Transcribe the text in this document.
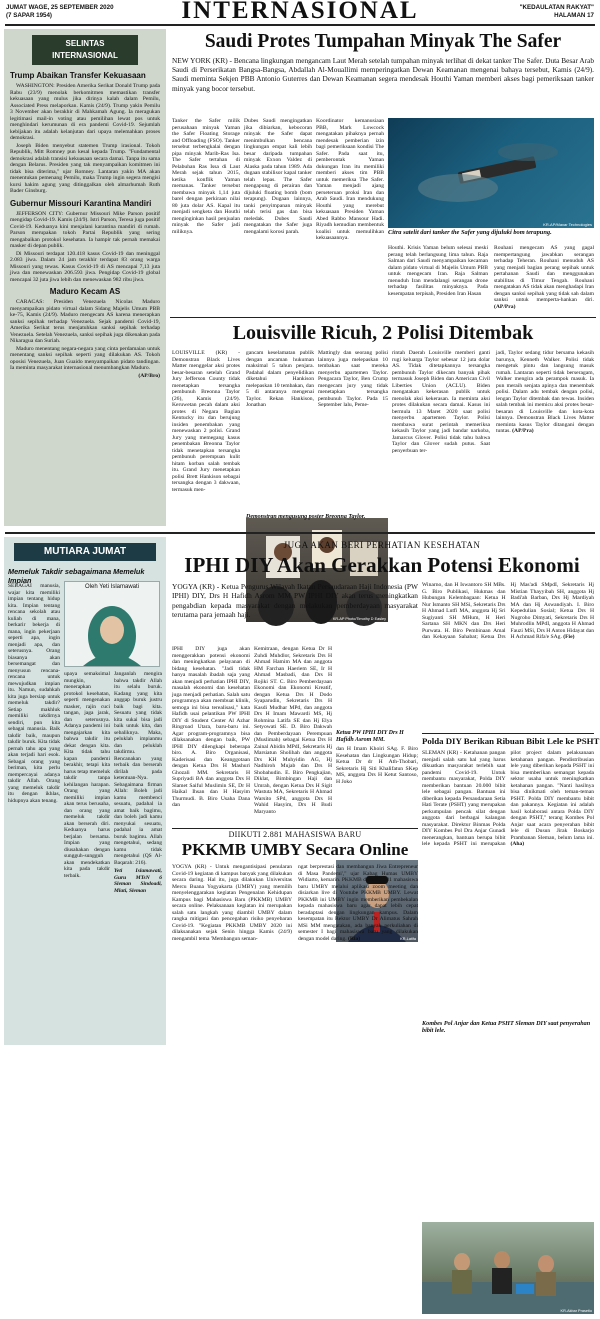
JUMAT WAGE, 25 SEPTEMBER 2020
(7 SAPAR 1954)	INTERNASIONAL	"KEDAULATAN RAKYAT"
HALAMAN 17
SELINTAS
INTERNASIONAL
Trump Abaikan Transfer Kekuasaan

WASHINGTON: Presiden Amerika Serikat Donald Trump pada Rabu (23/9) menolak berkomitmen memastikan transfer kekuasaan yang mulus jika dirinya kalah dalam Pemilu, Associated Press melaporkan. Kamis (24/9). Trump yakin Pemilu 3 November akan berakhir di Mahkamah Agung. Ia meragukan legitimasi mail-in voting atau pemilihan lewat pos untuk menghindari kerumunan di era pandemi Covid-19. Sejumlah kebijakan itu adalah kelanjutan dari upaya melemahkan proses demokrasi.

Joseph Biden menyebut statemen Trump irasional. Tokoh Republik, Mitt Romney pun kesal kepada Trump. "Fundamental demokrasi adalah transisi kekuasaan secara damai. Tanpa itu sama dengan Belarus. Presiden yang tak menyampaikan komitmen ini tidak bisa diterima," ujar Romney. Lantaran yakin MA akan menentukan pemenang Pemilu, maka Trump ingin segera mengisi kursi hakim agung yang ditinggalkan oleh almarhumah Ruth Bader Ginsburg.

Gubernur Missouri Karantina Mandiri

JEFFERSON CITY: Gubernur Missouri Mike Parson positif mengidap Covid-19. Kamis (24/9). Istri Parson, Teresa juga positif Covid-19. Keduanya kini menjalani karantina mandiri di rumah. Parson merupakan tokoh Partai Republik yang sering mengabaikan protokol kesehatan. Ia hampir tak pernah memakai masker di depan publik.

Di Missouri terdapat 120.418 kasus Covid-19 dan meninggal 2.083 jiwa. Dalam 24 jam terakhir terdapat 83 orang warga Missouri yang tewas. Kasus Covid-19 di AS mencapai 7,13 juta jiwa dan menewaskan 206.593 jiwa. Pengidap Covid-19 global mencapai 32 juta jiwa lebih dan menewaskan 982 ribu jiwa.

Maduro Kecam AS

CARACAS: Presiden Venezuela Nicolas Maduro menyampaikan pidato virtual dalam Sidang Majelis Umum PBB ke-75, Kamis (24/9). Maduro mengecam AS karena menerapkan sanksi sepihak terhadap Venezuela. Sejak pandemi Covid-19, Amerika Serikat terus menjatuhkan sanksi sepihak terhadap Venezuela. Setelah Venezuela, sanksi sepihak juga dikenakan pada Nikaragua dan Suriah.

Maduro menentang negara-negara yang cinta perdamaian untuk menentang sanksi sepihak seperti yang dilakukan AS. Tokoh oposisi Venezuela, Juan Guaido menyampaikan pidato tandingan. Ia meminta masyarakat internasional menumbangkan Maduro.

(AP/Bro)
Saudi Protes Tumpahan Minyak The Safer
NEW YORK (KR) - Bencana lingkungan mengancam Laut Merah setelah tumpahan minyak terlihat di dekat tanker The Safer. Duta Besar Arab Saudi di Perserikatan Bangsa-Bangsa, Abdallah Al-Mouallimi memperingatkan Dewan Keamanan mengenai bahaya tersebut, Kamis (24/9). Saudi meminta Sekjen PBB Antonio Guterres dan Dewan Keamanan segera mendesak Houthi Yaman memberi akses bagi pemeriksaan tanker minyak yang bocor tersebut.
Tanker the Safer milik perusahaan minyak Yaman the Safer Floating Storage and Offloading (FSO). Tanker tersebut terbengkalai dengan pipa minyak Marib-Ras Isa. The Safer tertahan di Pelabuhan Ras Issa di Laut Merah sejak tahun 2015, ketika konflik Yaman memanas. Tanker tersebut membawa minyak 1,14 juta barel dengan perkiraan nilai 80 juta dolar AS. Kapal itu menjadi sengketa dan Houthi menginginkan hasil penjualan minyak the Safer jadi miliknya.
Dubes Saudi mengingatkan jika dibiarkan, kebocoran minyak the Safer dapat menimbulkan bencana lingkungan empat kali lebih besar daripada tumpahan minyak Exxon Valdez di Alaska pada tahun 1989. Ada dugaan stabilisor kapal tanker telah lepas. The Safer mengapung di perairan dan dijuluki floating bomb (bom terapung). Dugaan lainnya, tanki penyimpanan minyak telah terisi gas dan bisa meledak. Dubes Saudi mengatakan the Safer juga mengalami korosi parah.
Koordinator kemanusiaan PBB, Mark Lowcock mengatakan pihaknya pernah mendesak pemberian izin bagi pemeriksaan kondisi The Safer. Pada saat itu, pemberontak Yaman dukungan Iran itu memiliki memberi akses tim PBB untuk memeriksa The Safer. Yaman menjadi ajang perseteruan proksi Iran dan Arab Saudi. Iran mendukung Houthi yang merebut kekuasaan Presiden Yaman Abed Rabbo Mansour Hadi. Riyadh kemudian membentuk koalisi untuk memulihkan kekuasaannya.
KR-AP/Maxar Technologies
Citra satelit dari tanker the Safer yang dijuluki bom terapung.
Houthi. Krisis Yaman belum selesai meski perang telah berlangsung lima tahun. Raja Salman dari Saudi menyampaikan kecaman dalam pidato virtual di Majelis Umum PBB untuk mengecam Iran. Raja Salman menuduh Iran mendalangi serangan drone terhadap fasilitas minyaknya. Pada kesempatan terpisah, Presiden Iran Hasan
Rouhani mengecam AS yang gagal mempertangung jawabkan serangan terhadap Teheran. Rouhani menuduh AS yang menjadi bagian perang sepihak untuk pertahanan Saudi dan menggunakan stabilitas di Timur Tengah. Rouhani mengatakan AS tidak akan menghadapi Iran dengan sanksi sepihak yang tidak sah dalam sanksi untuk memperta-hankan diri. (AP/Pra)
Louisville Ricuh, 2 Polisi Ditembak
LOUISVILLE (KR) - Demonstran Black Lives Matter menggelar aksi protes besar-besaran setelah Grand Jury Jefferson County tidak menetapkan tersangka pembunuh Breonna Taylor (26), Kamis (24/9). Keruwetan pecah dalam aksi protes di Negara Bagian Kentucky itu dan berujung insiden penembakan yang menewaskan 2 polisi. Grand Jury yang memegang kasus penembakan Breonna Taylor tidak menetapkan tersangka pembunuh perempuan kulit hitam korban salah tembak itu. Grand Jury menetapkan polisi Brett Hankison sebagai tersangka dengan 3 dakwaan, termasuk men-
gancam keselamatan publik dengan ancaman hukuman maksimal 5 tahun penjara. Padahal dalam penyelidikan diketahui Hankison melepaskan 10 tembakan, dan 5 di antaranya mengenai Taylor. Rekan Hankison, Jonathan
Mattingly dan seorang polisi lainnya juga melepaskan 10 tembakan saat mereka menyerbu apartemen Taylor. Pengacara Taylor, Ben Crump mengecam jury yang tidak menetapkan tersangka pembunuh Taylor. Pada 15 September lalu, Peme-
KR-AP Photo/Timothy D Easley
Demonstran mengusung poster Breonna Taylor.
rintah Daerah Louisville memberi ganti rugi keluarga Taylor sebesar 12 juta dolar AS. Tidak ditetapkannya tersangka pembunuh Taylor dikecam banyak pihak termasuk Joseph Biden dan American Civil Liberties Union (ACLU). Biden mengatakan kekerasan publik untuk menolak aksi kekerasan. Ia meminta aksi protes dilakukan secara damai. Kasus ini bermula 13 Maret 2020 saat polisi menyerbu apartemen Taylor. Polisi membawa surat perintah memeriksa kekasih Taylor yang jadi bandar narkoba, Jamarcus Glover. Polisi tidak tahu bahwa Taylor dan Glover sudah putus. Saat penyerbuan ter-
jadi, Taylor sedang tidur bersama kekasih barunya, Kenneth Walker. Polisi tidak mengetuk pintu dan langsung masuk rumah. Lantaran seperti tidak berseragam, Walker mengira ada perampok masuk. Ia pun meraih senjata apinya dan menembak polisi. Dalam adu tembak dengan polisi, lengan Taylor ditembak dan tewas. Insiden salah tembak ini memicu aksi protes besar-besaran di Louisville dan kota-kota lainnya. Demonstran Black Lives Matter meminta kasus Taylor ditangani dengan tuntas. (AP/Pra)
MUTIARA JUMAT
Memeluk Takdir sebagaimana Memeluk Impian
SEBAGAI manusia, wajar kita memiliki impian tentang hidup kita. Impian tentang rencana sekolah atau kuliah di mana, berkarir bekerja di mana, ingin pekerjaan seperti apa, ingin menjadi apa, dan seterusnya. Orang biasanya akan bersemangat dan menyusun rencana-rencana untuk mewujudkan impian itu. Namun, sudahkah kita juga bersiap untuk memeluk takdir? Setiap makhluk memiliki takdirnya sendiri, pun kita sebagai manusia. Baik takdir baik, maupun takdir buruk. Kita tidak pernah tahu apa yang akan terjadi hari esok. Sebagai orang yang beriman, kita perlu mempercayai adanya takdir Allah. Orang yang memeluk takdir itu dengan ikhlas, hidupnya akan tenang.
Oleh Yeti Islamawati
upaya semaksimal mungkin, menerapkan protokol kesehatan, seperti mengenakan masker, rajin cuci tangan, jaga jarak, dan seterusnya. Adanya pandemi ini mengajarkan kita bahwa takdir itu dekat dengan kita. Kita tidak tahu kapan pandemi berakhir, tetapi kita harus tetap memeluk takdir tanpa kehilangan harapan. Orang yang memiliki impian akan terus berusaha, dan orang yang memeluk takdir akan berserah diri. Keduanya harus berjalan bersama. Impian yang diusahakan dengan sungguh-sungguh akan mendekatkan kita pada takdir terbaik.
Janganlah mengira bahwa takdir Allah itu selalu buruk. Kadang yang kita anggap buruk justru baik bagi kita. Sesuatu yang tidak kita sukai bisa jadi baik untuk kita, dan sebaliknya. Maka, peluklah impianmu dan peluklah takdirmu. Rencanakan yang terbaik dan berserah dirilah pada ketentuan-Nya. Sebagaimana firman Allah: Boleh jadi kamu membenci sesuatu, padahal ia amat baik bagimu, dan boleh jadi kamu menyukai sesuatu, padahal ia amat buruk bagimu. Allah mengetahui, sedang kamu tidak mengetahui (QS Al-Baqarah: 216).
Yeti Islamawati, Guru MTsN 6 Sleman Sindoadi, Mlati, Sleman
JUGA AKAN BERI PERHATIAN KESEHATAN
IPHI DIY Akan Gerakkan Potensi Ekonomi
YOGYA (KR) - Ketua Pengurus Wilayah Ikatan Persaudaraan Haji Indonesia (PW IPHI) DIY, Drs H Hafidh Asrom MM PW IPHI DIY akan terus meningkatkan pengabdian kepada masyarakat dengan melakukan pemberdayaan masyarakat terutama para jemaah haji.
IPHI DIY juga akan menggerakkan potensi ekonomi dan meningkatkan pelayanan di bidang kesehatan. "Jadi tidak hanya masalah ibadah saja yang akan menjadi perhatian IPHI DIY, masalah ekonomi dan kesehatan juga menjadi perhatian. Salah satu programnya akan membuat klinik, semoga ini bisa terealisasi," kata Hafidh usai pelantikan PW IPHI DIY di Student Center Al Azhar Ringroad Utara, baru-baru ini. Agar program-programnya bisa dilaksanakan dengan baik, PW IPHI DIY dilengkapi beberapa biro. A. Biro Organisasi, Kaderisasi dan Keanggotaan dengan Ketua Drs H Mashuri Ghozali MM. Sekretaris H Supriyadi BA dan anggota Drs H Slamet Saiful Muslimin SE, Dr H Haikal Ihsan dan H Hasyim Thurmudi. B. Biro Usaha Dana dan
Kemitraan, dengan Ketua Dr H Zuhdi Muhdlor, Sekretaris Drs H Ahmad Hamim MA dan anggota HM Farchan Haeriem SE, Ir H Ahmad Masbadi, dan Drs H Rojiki ST. C. Biro Pemberdayaan Ekonomi dan Ekonomi Kreatif, dengan Ketua Drs H Dodo Syaparudin, Sekretaris Drs H Kasdi Mudhar MPd, dan anggota Drs H Imam Mawardi MS, Hj Rohmina Latifa SE dan Hj Elya Setyowati SE. D. Biro Dakwah dan Pemberdayaan Perempuan (Muslimah) sebagai Ketua Drs H Zainal Abidin MPdI, Sekretaris Hj Marsiatun Sholihah dan anggota Drs KH Muhyidin AG, Hj Nadhiroh Mujab dan Drs H Shobahudin. E. Biro Pengkajian, Diklat, Bimbingan Haji dan Umrah, dengan Ketua Drs H Sigit Wastuta MA, Sekretaris H Ahmad Warsito SPd, anggota Drs H Wahid Hasyim, Drs H Budi Maryanto
KR-Latifa
Ketua PW IPHI DIY Drs H Hafidh Asrom MM.
dan H Imam Khoiri SAg. F. Biro Kesehatan dan Lingkungan Hidup; Ketua Dr dr H Ath-Thobari, Sekretaris Hj Siti Khalifatun SKep MS, anggota Drs H Ketut Santoso, H Joko
Winarno, dan H Iswantoro SH MBs. G. Biro Publikasi, Hukmas dan Hubungan Kelembagaan: Ketua H Nur Ismanto SH MSi, Sekretaris Drs H Ahmad Lutfi MA, anggota Hj Sri Sugiyanti SH MHum, H Heri Sartana SH MKN dan Drs Heri Purwata. H. Biro Pembinaan Amal dan Kekayaan Sahabat; Ketua Drs Hj Mas'adi SMpdI, Sekretaris Hj Mistian Thayyibah SH, anggota Hj Badi'ah Barban, Drs Hj Mardiyah MA dan Hj Aswandiyah. I. Biro Kepedulian Sosial; Ketua Drs H Nugroho Dimyati, Sekretaris Drs H Muhrodlin MPdI, anggota H Ahmad Fauzi MSi, Drs H Anton Hidayat dan H Achmad Rifa'e SAg. (Fie)
DIIKUTI 2.881 MAHASISWA BARU
PKKMB UMBY Secara Online
YOGYA (KR) - Untuk mengantisipasi penularan Covid-19 kegiatan di kampus banyak yang dilakukan secara daring. Hal itu, juga dilakukan Universitas Mercu Buana Yogyakarta (UMBY) yang memilih menyelenggarakan kegiatan Pengenalan Kehidupan Kampus bagi Mahasiswa Baru (PKKMB) UMBY secara online. Pelaksanaan kegiatan ini merupakan salah satu langkah yang diambil UMBY dalam rangka mitigasi dan pencegahan risiko penyebaran Covid-19. "Kegiatan PKKMB UMBY 2020 ini dilaksanakan sejak Senin hingga Kamis (24/9) mengambil tema 'Membangun seman-
ngat berprestasi dan membangun Jiwa Entrepreneur di Masa Pandemi'," ujar Kabag Humas UMBY Widiarto, kemarin. PKKMB diikuti 2.881 mahasiswa baru UMBY melalui aplikasi zoom meeting dan disiarkan live di Youtube PKKMB UMBY. Lewat PKKMB ini UMBY ingin memberikan pembekalan kepada mahasiswa baru agar dapat lebih cepat beradaptasi dengan lingkungan kampus. Dalam kesempatan itu Rektor UMBY Dr Alimatus Sahrah MSi MM mengatakan, ada banyak perkuliahan di semester I bagi mahasiswa baru yang dilakukan dengan model daring. (Ria)
Polda DIY Berikan Ribuan Bibit Lele ke PSHT
SLEMAN (KR) - Ketahanan pangan menjadi salah satu hal yang harus dikuatkan masyarakat terlebih saat pandemi Covid-19. Untuk membantu masyarakat, Polda DIY memberikan bantuan 20.000 bibit lele sebagai pangan. Bantuan ini diberikan kepada Persaudaraan Setia Hati Terate (PSHT) yang merupakan perkumpulan pencak silat dengan anggota dari berbagai kalangan masyarakat. Direktur Binmas Polda DIY Kombes Pol Dra Anjar Gunadi menerangkan, bantuan berupa bibit lele kepada PSHT ini merupakan pilot project dalam pelaksanaan ketahanan pangan. Pendistribusian lele yang diberikan kepada PSHT ini bisa memberikan semangat kepada sektor usaha untuk meningkatkan ketahanan pangan. "Nanti hasilnya bisa dinikmati oleh teman-teman PSHT. Polda DIY membantu bibit dan pakannya. Kegiatan ini adalah hasil kolaborasi antara Polda DIY dengan PSHT," terang Kombes Pol Anjar saat acara penyerahan bibit lele di Dusun Jirak Boskarjo Prambanan Sleman, belum lama ini. (Aha)
KR-Akbar Prasetio
Kombes Pol Anjar dan Ketua PSHT Sleman DIY saat penyerahan bibit lele.
